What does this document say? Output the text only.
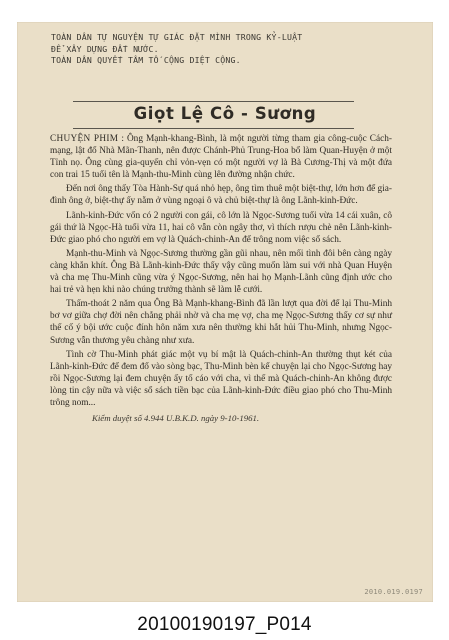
TOÀN DÂN TỰ NGUYỆN TỰ GIÁC ĐẶT MÌNH TRONG KỶ-LUẬT
ĐỂ XÂY DỰNG ĐẤT NƯỚC.
TOÀN DÂN QUYẾT TÂM TỐ CỘNG DIỆT CỘNG.
Giọt Lệ Cô - Sương

CHUYỆN PHIM : Ông Mạnh-khang-Bình, là một người từng tham gia công-cuộc Cách-mạng, lật đổ Nhà Mãn-Thanh, nên được Chánh-Phủ Trung-Hoa bổ làm Quan-Huyện ở một Tỉnh nọ. Ông cùng gia-quyến chỉ vỏn-vẹn có một người vợ là Bà Cương-Thị và một đứa con trai 15 tuổi tên là Mạnh-thu-Minh cùng lên đường nhận chức.

Đến nơi ông thấy Tòa Hành-Sự quá nhỏ hẹp, ông tìm thuê một biệt-thự, lớn hơn để gia-đình ông ở, biệt-thự ấy nằm ở vùng ngoại ô và chủ biệt-thự là ông Lãnh-kinh-Đức.

Lãnh-kinh-Đức vốn có 2 người con gái, cô lớn là Ngọc-Sương tuổi vừa 14 cái xuân, cô gái thứ là Ngọc-Hà tuổi vừa 11, hai cô vẫn còn ngây thơ, vì thích rượu chè nên Lãnh-kinh-Đức giao phó cho người em vợ là Quách-chinh-An để trông nom việc sổ sách.

Mạnh-thu-Minh và Ngọc-Sương thường gần gũi nhau, nên mối tình đôi bên càng ngày càng khắn khít. Ông Bà Lãnh-kinh-Đức thấy vậy cũng muốn làm sui với nhà Quan Huyện và cha mẹ Thu-Minh cũng vừa ý Ngọc-Sương, nên hai họ Mạnh-Lãnh cũng định ước cho hai trẻ và hẹn khi nào chúng trưởng thành sẽ làm lễ cưới.

Thấm-thoát 2 năm qua Ông Bà Mạnh-khang-Bình đã lần lượt qua đời để lại Thu-Minh bơ vơ giữa chợ đời nên chẳng phải nhờ và cha mẹ vợ, cha mẹ Ngọc-Sương thấy cơ sự như thế cố ý bội ước cuộc đính hôn năm xưa nên thường khi hắt hủi Thu-Minh, nhưng Ngọc-Sương vẫn thương yêu chàng như xưa.

Tình cờ Thu-Minh phát giác một vụ bí mật là Quách-chinh-An thường thụt két của Lãnh-kinh-Đức để đem đổ vào sòng bạc, Thu-Minh bèn kể chuyện lại cho Ngọc-Sương hay rồi Ngọc-Sương lại đem chuyện ấy tố cáo với cha, vì thế mà Quách-chinh-An không được lòng tin cậy nữa và việc sổ sách tiền bạc của Lãnh-kinh-Đức điều giao phó cho Thu-Minh trông nom...

Kiểm duyệt số 4.944 U.B.K.D. ngày 9-10-1961.
2010.019.0197
20100190197_P014
